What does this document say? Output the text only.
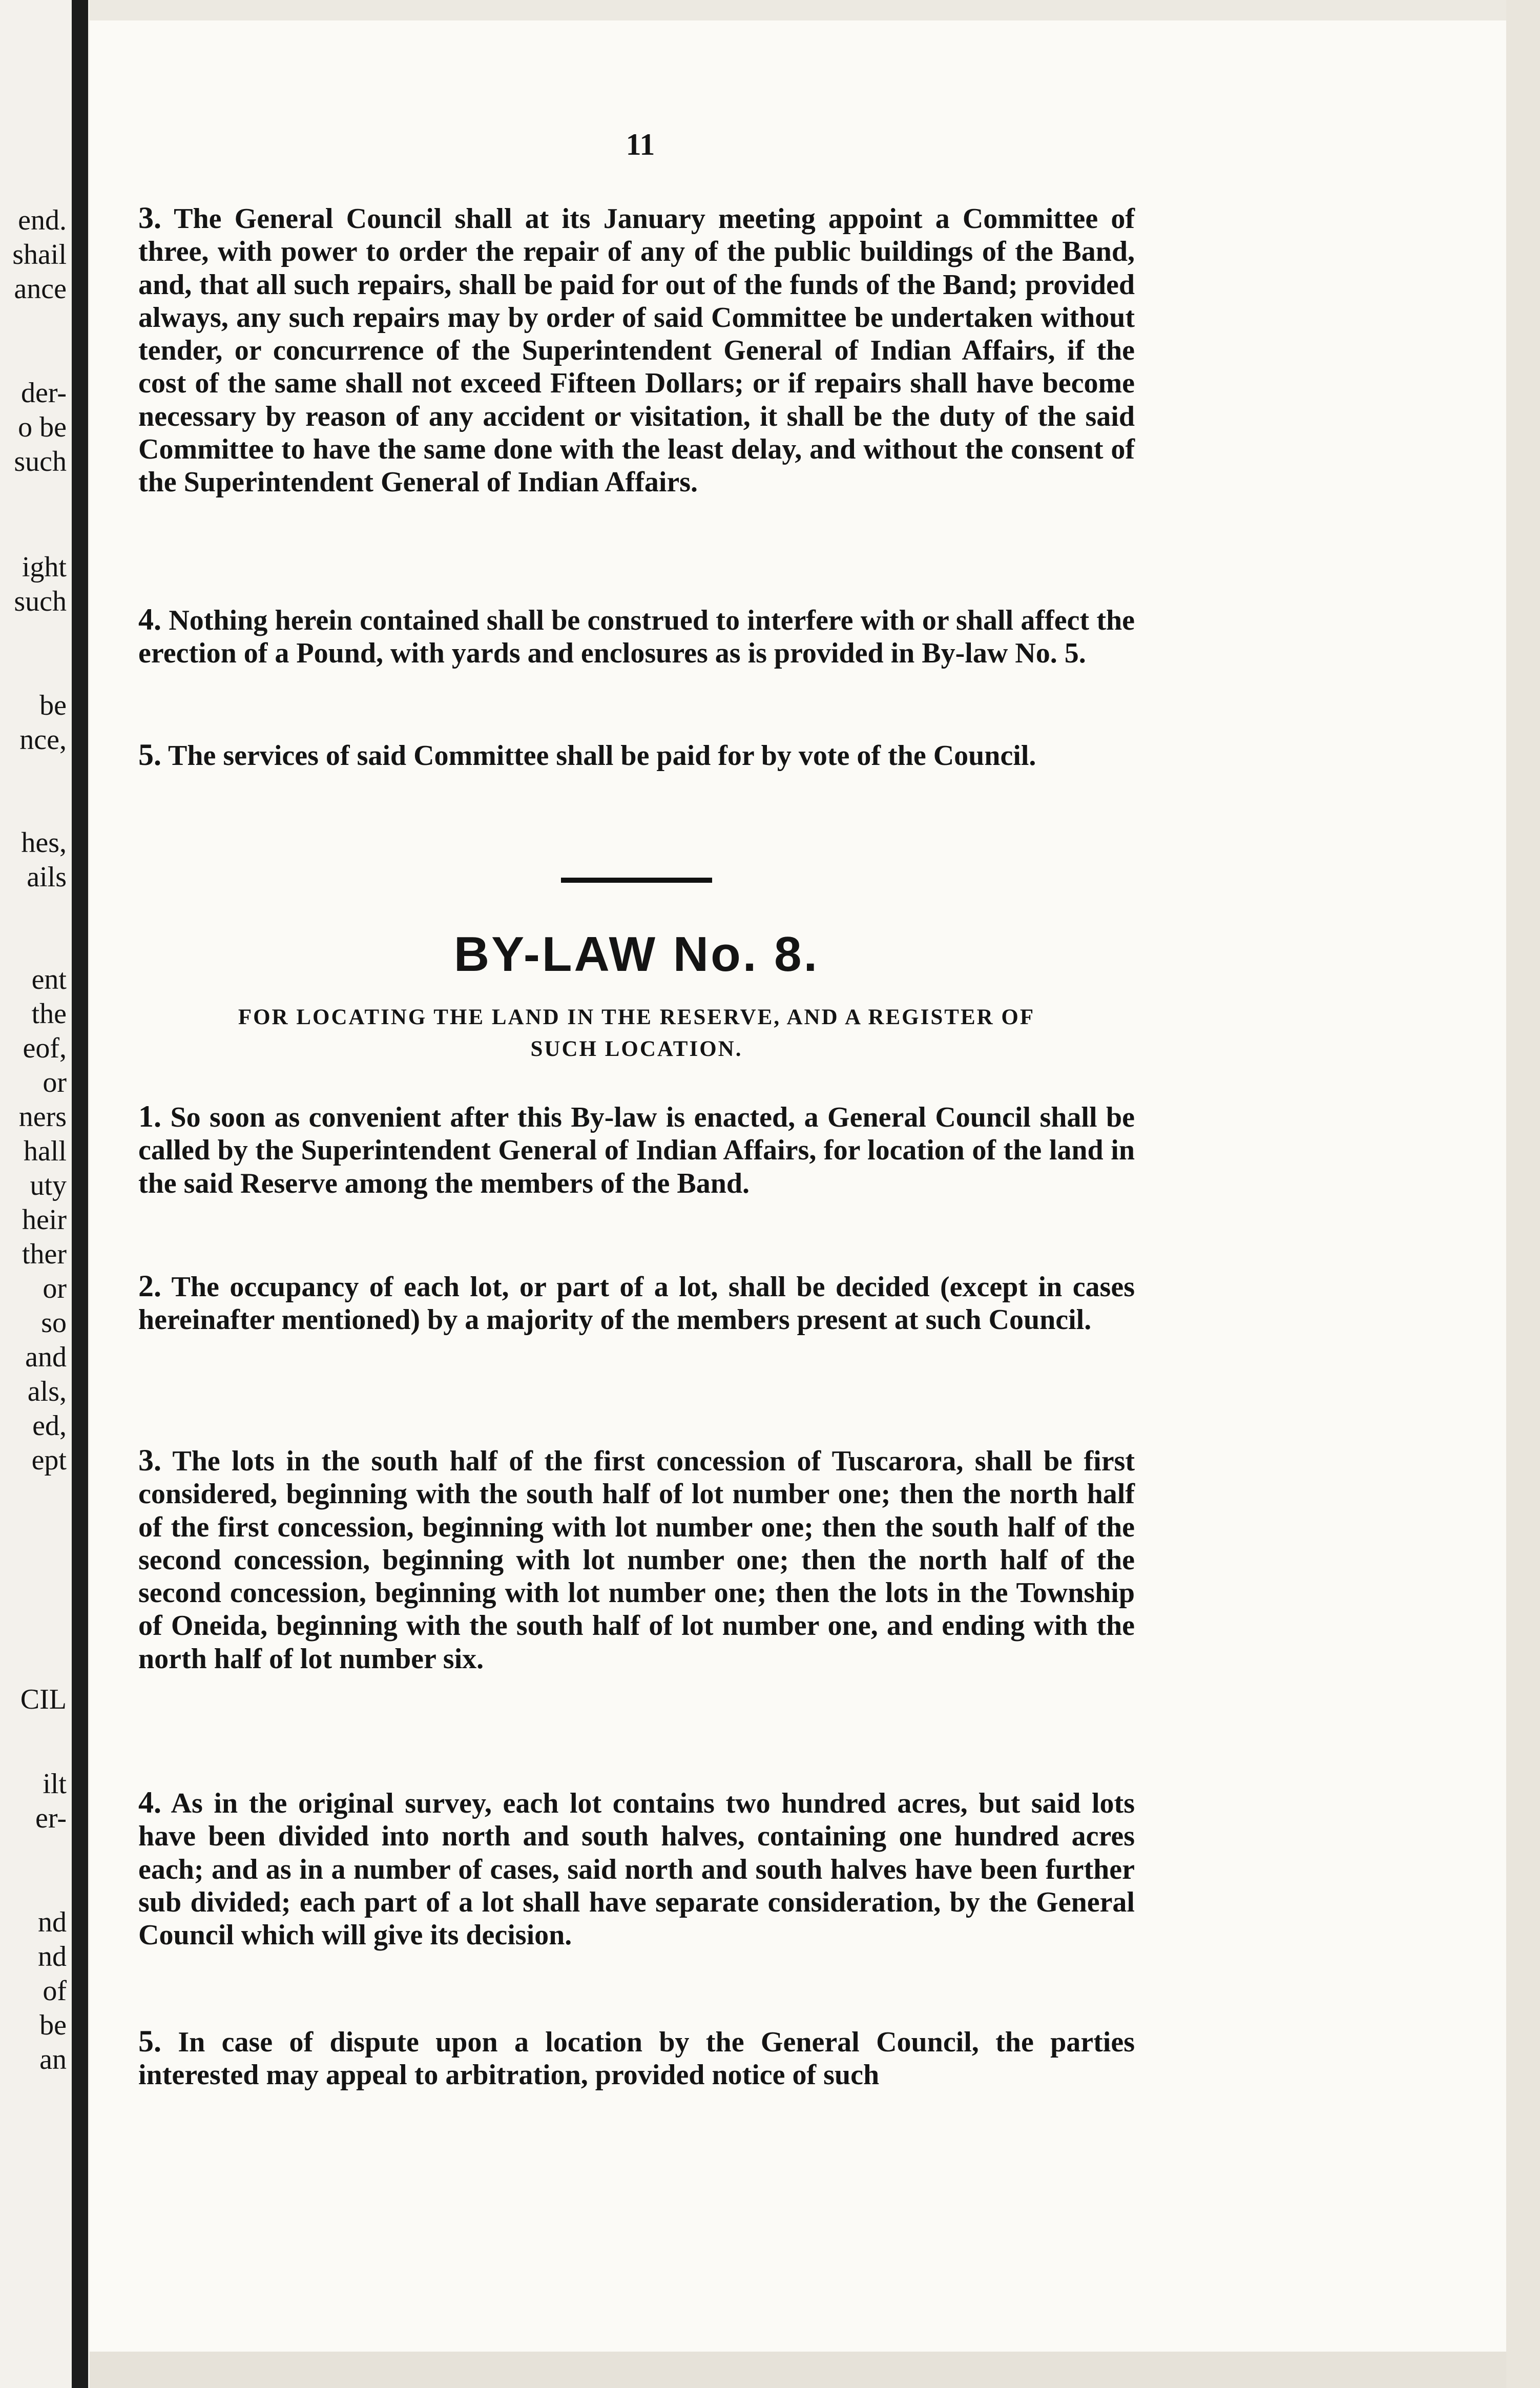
end.
shail
ance
der-
o be
such
ight
such
be
nce,
hes,
ails
ent
the
eof,
or
ners
hall
uty
heir
ther
or
so
and
als,
ed,
ept
CIL
ilt
er-
nd
nd
of
be
an
11
3. The General Council shall at its January meeting appoint a Committee of three, with power to order the repair of any of the public buildings of the Band, and, that all such repairs, shall be paid for out of the funds of the Band; provided always, any such repairs may by order of said Committee be undertaken without tender, or concurrence of the Superintendent General of Indian Affairs, if the cost of the same shall not exceed Fifteen Dollars; or if repairs shall have become necessary by reason of any accident or visitation, it shall be the duty of the said Committee to have the same done with the least delay, and without the consent of the Superintendent General of Indian Affairs.
4. Nothing herein contained shall be construed to interfere with or shall affect the erection of a Pound, with yards and enclosures as is provided in By-law No. 5.
5. The services of said Committee shall be paid for by vote of the Council.
BY-LAW No. 8.
FOR LOCATING THE LAND IN THE RESERVE, AND A REGISTER OF
SUCH LOCATION.
1. So soon as convenient after this By-law is enacted, a General Council shall be called by the Superintendent General of Indian Affairs, for location of the land in the said Reserve among the members of the Band.
2. The occupancy of each lot, or part of a lot, shall be decided (except in cases hereinafter mentioned) by a majority of the members present at such Council.
3. The lots in the south half of the first concession of Tuscarora, shall be first considered, beginning with the south half of lot number one; then the north half of the first concession, beginning with lot number one; then the south half of the second concession, beginning with lot number one; then the north half of the second concession, beginning with lot number one; then the lots in the Township of Oneida, beginning with the south half of lot number one, and ending with the north half of lot number six.
4. As in the original survey, each lot contains two hundred acres, but said lots have been divided into north and south halves, containing one hundred acres each; and as in a number of cases, said north and south halves have been further sub divided; each part of a lot shall have separate consideration, by the General Council which will give its decision.
5. In case of dispute upon a location by the General Council, the parties interested may appeal to arbitration, provided notice of such
